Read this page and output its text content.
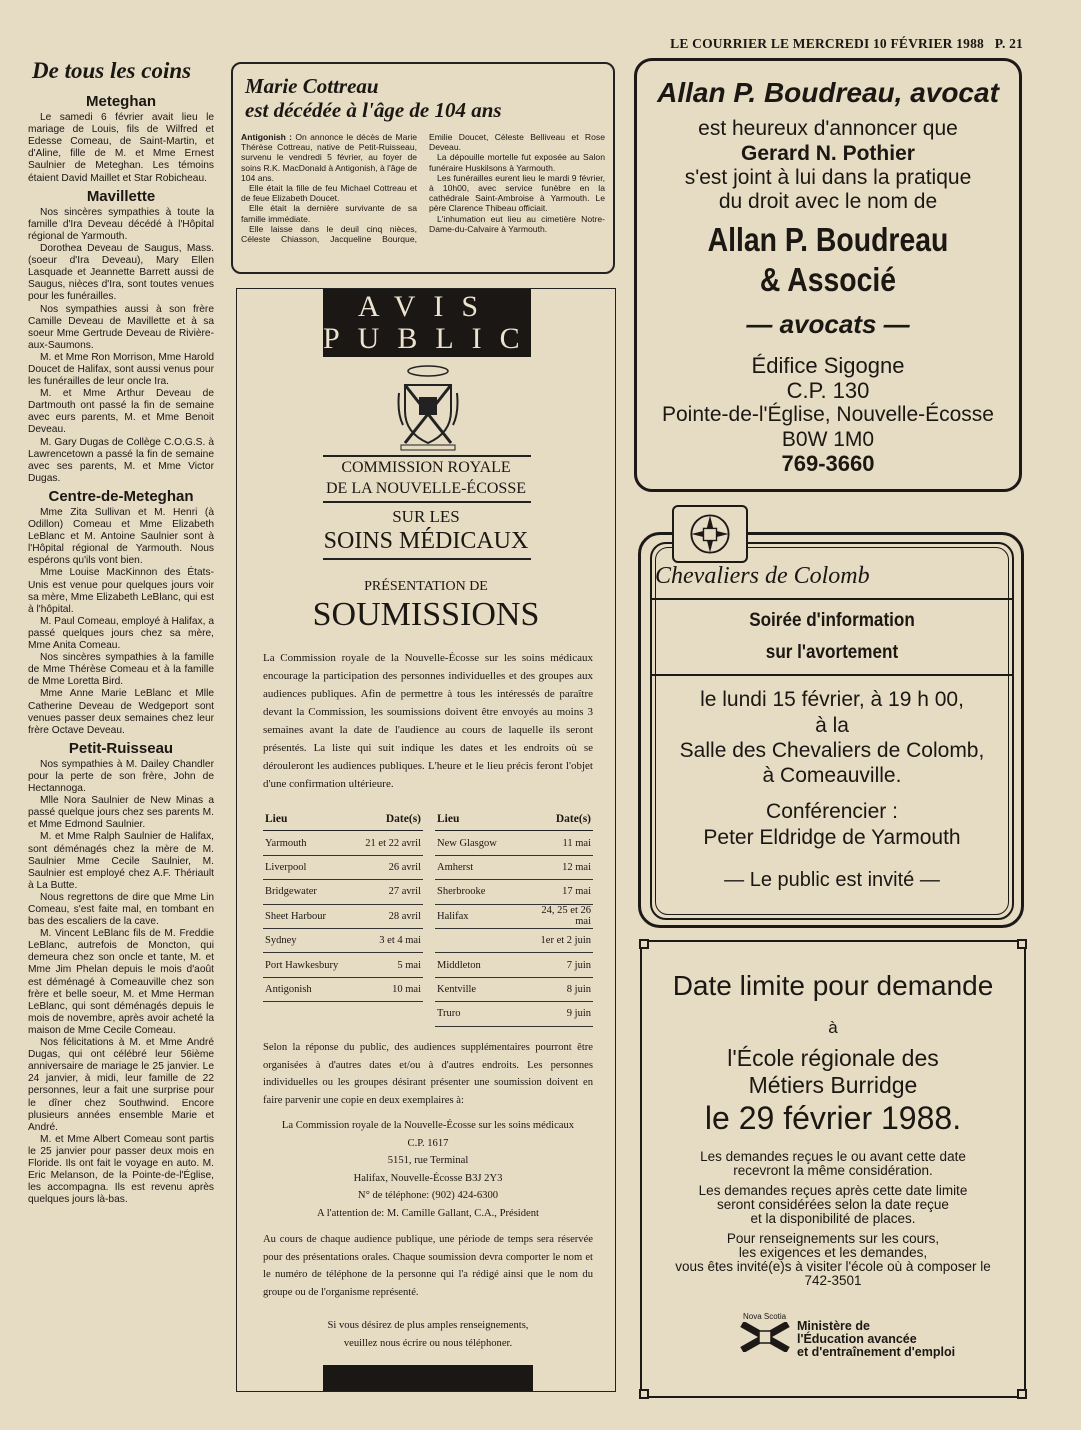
LE COURRIER LE MERCREDI 10 FÉVRIER 1988 P. 21
De tous les coins
Meteghan

Le samedi 6 février avait lieu le mariage de Louis, fils de Wilfred et Edesse Comeau, de Saint-Martin, et d'Aline, fille de M. et Mme Ernest Saulnier de Meteghan. Les témoins étaient David Maillet et Star Robicheau.

Mavillette

Nos sincères sympathies à toute la famille d'Ira Deveau décédé à l'Hôpital régional de Yarmouth.

Dorothea Deveau de Saugus, Mass. (soeur d'Ira Deveau), Mary Ellen Lasquade et Jeannette Barrett aussi de Saugus, nièces d'Ira, sont toutes venues pour les funérailles.

Nos sympathies aussi à son frère Camille Deveau de Mavillette et à sa soeur Mme Gertrude Deveau de Rivière-aux-Saumons.

M. et Mme Ron Morrison, Mme Harold Doucet de Halifax, sont aussi venus pour les funérailles de leur oncle Ira.

M. et Mme Arthur Deveau de Dartmouth ont passé la fin de semaine avec eurs parents, M. et Mme Benoit Deveau.

M. Gary Dugas de Collège C.O.G.S. à Lawrencetown a passé la fin de semaine avec ses parents, M. et Mme Victor Dugas.

Centre-de-Meteghan

Mme Zita Sullivan et M. Henri (à Odillon) Comeau et Mme Elizabeth LeBlanc et M. Antoine Saulnier sont à l'Hôpital régional de Yarmouth. Nous espérons qu'ils vont bien.

Mme Louise MacKinnon des États-Unis est venue pour quelques jours voir sa mère, Mme Elizabeth LeBlanc, qui est à l'hôpital.

M. Paul Comeau, employé à Halifax, a passé quelques jours chez sa mère, Mme Anita Comeau.

Nos sincères sympathies à la famille de Mme Thérèse Comeau et à la famille de Mme Loretta Bird.

Mme Anne Marie LeBlanc et Mlle Catherine Deveau de Wedgeport sont venues passer deux semaines chez leur frère Octave Deveau.

Petit-Ruisseau

Nos sympathies à M. Dailey Chandler pour la perte de son frère, John de Hectannoga.

Mlle Nora Saulnier de New Minas a passé quelque jours chez ses parents M. et Mme Edmond Saulnier.

M. et Mme Ralph Saulnier de Halifax, sont déménagés chez la mère de M. Saulnier Mme Cecile Saulnier, M. Saulnier est employé chez A.F. Thériault à La Butte.

Nous regrettons de dire que Mme Lin Comeau, s'est faite mal, en tombant en bas des escaliers de la cave.

M. Vincent LeBlanc fils de M. Freddie LeBlanc, autrefois de Moncton, qui demeura chez son oncle et tante, M. et Mme Jim Phelan depuis le mois d'août est déménagé à Comeauville chez son frère et belle soeur, M. et Mme Herman LeBlanc, qui sont déménagés depuis le mois de novembre, après avoir acheté la maison de Mme Cecile Comeau.

Nos félicitations à M. et Mme André Dugas, qui ont célébré leur 56ième anniversaire de mariage le 25 janvier. Le 24 janvier, à midi, leur famille de 22 personnes, leur a fait une surprise pour le dîner chez Southwind. Encore plusieurs années ensemble Marie et André.

M. et Mme Albert Comeau sont partis le 25 janvier pour passer deux mois en Floride. Ils ont fait le voyage en auto. M. Eric Melanson, de la Pointe-de-l'Église, les accompagna. Ils est revenu après quelques jours là-bas.

Marie Cottreau
est décédée à l'âge de 104 ans

Antigonish : On annonce le décès de Marie Thérèse Cottreau, native de Petit-Ruisseau, survenu le vendredi 5 février, au foyer de soins R.K. MacDonald à Antigonish, à l'âge de 104 ans.

Elle était la fille de feu Michael Cottreau et de feue Elizabeth Doucet.

Elle était la dernière survivante de sa famille immédiate.

Elle laisse dans le deuil cinq nièces, Céleste Chiasson, Jacqueline Bourque, Emilie Doucet, Céleste Belliveau et Rose Deveau.

La dépouille mortelle fut exposée au Salon funéraire Huskilsons à Yarmouth.

Les funérailles eurent lieu le mardi 9 février, à 10h00, avec service funèbre en la cathédrale Saint-Ambroise à Yarmouth. Le père Clarence Thibeau officiait.

L'inhumation eut lieu au cimetière Notre-Dame-du-Calvaire à Yarmouth.

AVIS
PUBLIC
COMMISSION ROYALE
DE LA NOUVELLE-ÉCOSSE
SUR LES
SOINS MÉDICAUX
PRÉSENTATION DE
SOUMISSIONS
La Commission royale de la Nouvelle-Écosse sur les soins médicaux encourage la participation des personnes individuelles et des groupes aux audiences publiques. Afin de permettre à tous les intéressés de paraître devant la Commission, les soumissions doivent être envoyés au moins 3 semaines avant la date de l'audience au cours de laquelle ils seront présentés. La liste qui suit indique les dates et les endroits où se dérouleront les audiences publiques. L'heure et le lieu précis feront l'objet d'une confirmation ultérieure.
Lieu	Date(s)		Lieu	Date(s)
Yarmouth	21 et 22 avril		New Glasgow	11 mai
Liverpool	26 avril		Amherst	12 mai
Bridgewater	27 avril		Sherbrooke	17 mai
Sheet Harbour	28 avril		Halifax	24, 25 et 26 mai
Sydney	3 et 4 mai			1er et 2 juin
Port Hawkesbury	5 mai		Middleton	7 juin
Antigonish	10 mai		Kentville	8 juin
			Truro	9 juin
Selon la réponse du public, des audiences supplémentaires pourront être organisées à d'autres dates et/ou à d'autres endroits. Les personnes individuelles ou les groupes désirant présenter une soumission doivent en faire parvenir une copie en deux exemplaires à:
La Commission royale de la Nouvelle-Écosse sur les soins médicaux
C.P. 1617
5151, rue Terminal
Halifax, Nouvelle-Écosse B3J 2Y3
N° de téléphone: (902) 424-6300
A l'attention de: M. Camille Gallant, C.A., Président
Au cours de chaque audience publique, une période de temps sera réservée pour des présentations orales. Chaque soumission devra comporter le nom et le numéro de téléphone de la personne qui l'a rédigé ainsi que le nom du groupe ou de l'organisme représenté.
Si vous désirez de plus amples renseignements,
veuillez nous écrire ou nous téléphoner.
Allan P. Boudreau, avocat
est heureux d'annoncer que
Gerard N. Pothier
s'est joint à lui dans la pratique
du droit avec le nom de
Allan P. Boudreau
& Associé
— avocats —
Édifice Sigogne
C.P. 130
Pointe-de-l'Église, Nouvelle-Écosse
B0W 1M0
769-3660
Chevaliers de Colomb
Soirée d'information
sur l'avortement
le lundi 15 février, à 19 h 00,
à la
Salle des Chevaliers de Colomb,
à Comeauville.
Conférencier :
Peter Eldridge de Yarmouth
— Le public est invité —
Date limite pour demande
à
l'École régionale des
Métiers Burridge
le 29 février 1988.
Les demandes reçues le ou avant cette date
recevront la même considération.
Les demandes reçues après cette date limite
seront considérées selon la date reçue
et la disponibilité de places.
Pour renseignements sur les cours,
les exigences et les demandes,
vous êtes invité(e)s à visiter l'école où à composer le
742-3501
Nova Scotia
Ministère de
l'Éducation avancée
et d'entraînement d'emploi
